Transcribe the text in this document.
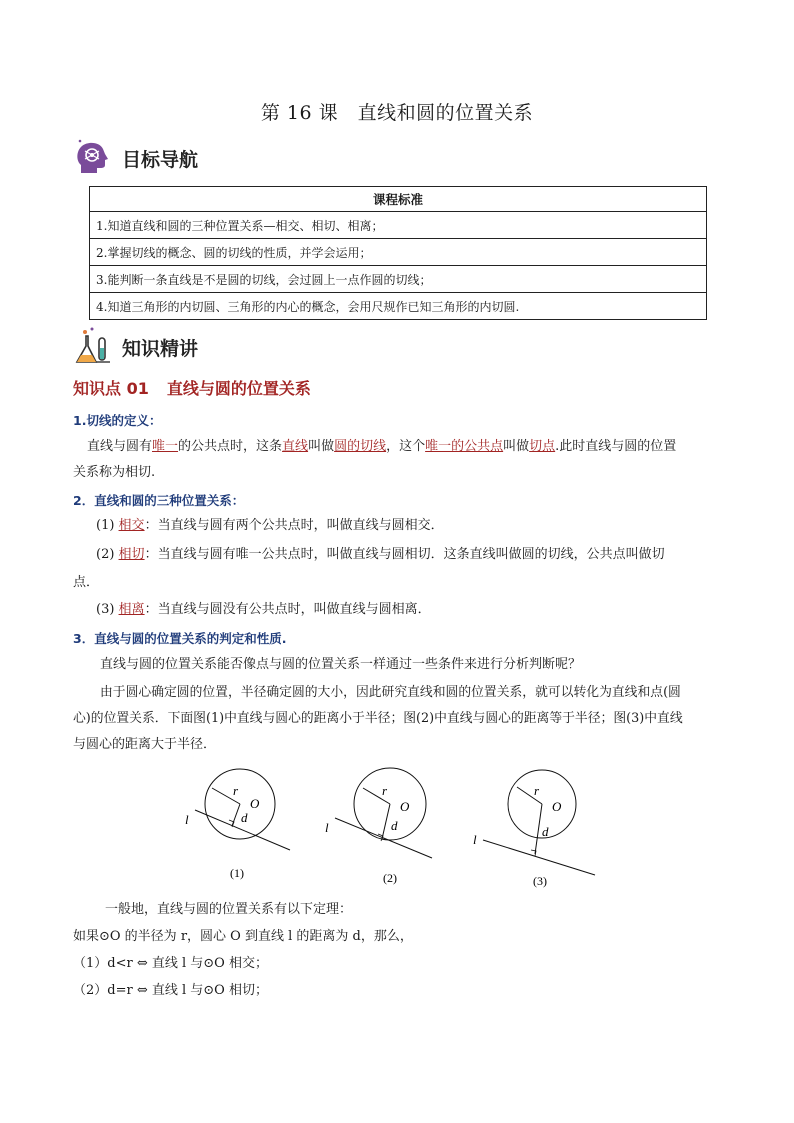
第 16 课　直线和圆的位置关系
目标导航
课程标准
1.知道直线和圆的三种位置关系—相交、相切、相离；
2.掌握切线的概念、圆的切线的性质，并学会运用；
3.能判断一条直线是不是圆的切线，会过圆上一点作圆的切线；
4.知道三角形的内切圆、三角形的内心的概念，会用尺规作已知三角形的内切圆.
知识精讲
知识点 01 直线与圆的位置关系
1.切线的定义：
直线与圆有唯一的公共点时，这条直线叫做圆的切线，这个唯一的公共点叫做切点.此时直线与圆的位置
关系称为相切.
2．直线和圆的三种位置关系：
(1) 相交：当直线与圆有两个公共点时，叫做直线与圆相交．
(2) 相切：当直线与圆有唯一公共点时，叫做直线与圆相切．这条直线叫做圆的切线，公共点叫做切
点．
(3) 相离：当直线与圆没有公共点时，叫做直线与圆相离．
3．直线与圆的位置关系的判定和性质.
直线与圆的位置关系能否像点与圆的位置关系一样通过一些条件来进行分析判断呢？
由于圆心确定圆的位置，半径确定圆的大小，因此研究直线和圆的位置关系，就可以转化为直线和点(圆
心)的位置关系．下面图(1)中直线与圆心的距离小于半径；图(2)中直线与圆心的距离等于半径；图(3)中直线
与圆心的距离大于半径．
l
r
O
d
(1)
l
r
O
d
(2)
l
r
O
d
(3)
一般地，直线与圆的位置关系有以下定理：
如果⊙O 的半径为 r，圆心 O 到直线 l 的距离为 d，那么，
（1）d<r ⇔ 直线 l 与⊙O 相交；
（2）d=r ⇔ 直线 l 与⊙O 相切；
